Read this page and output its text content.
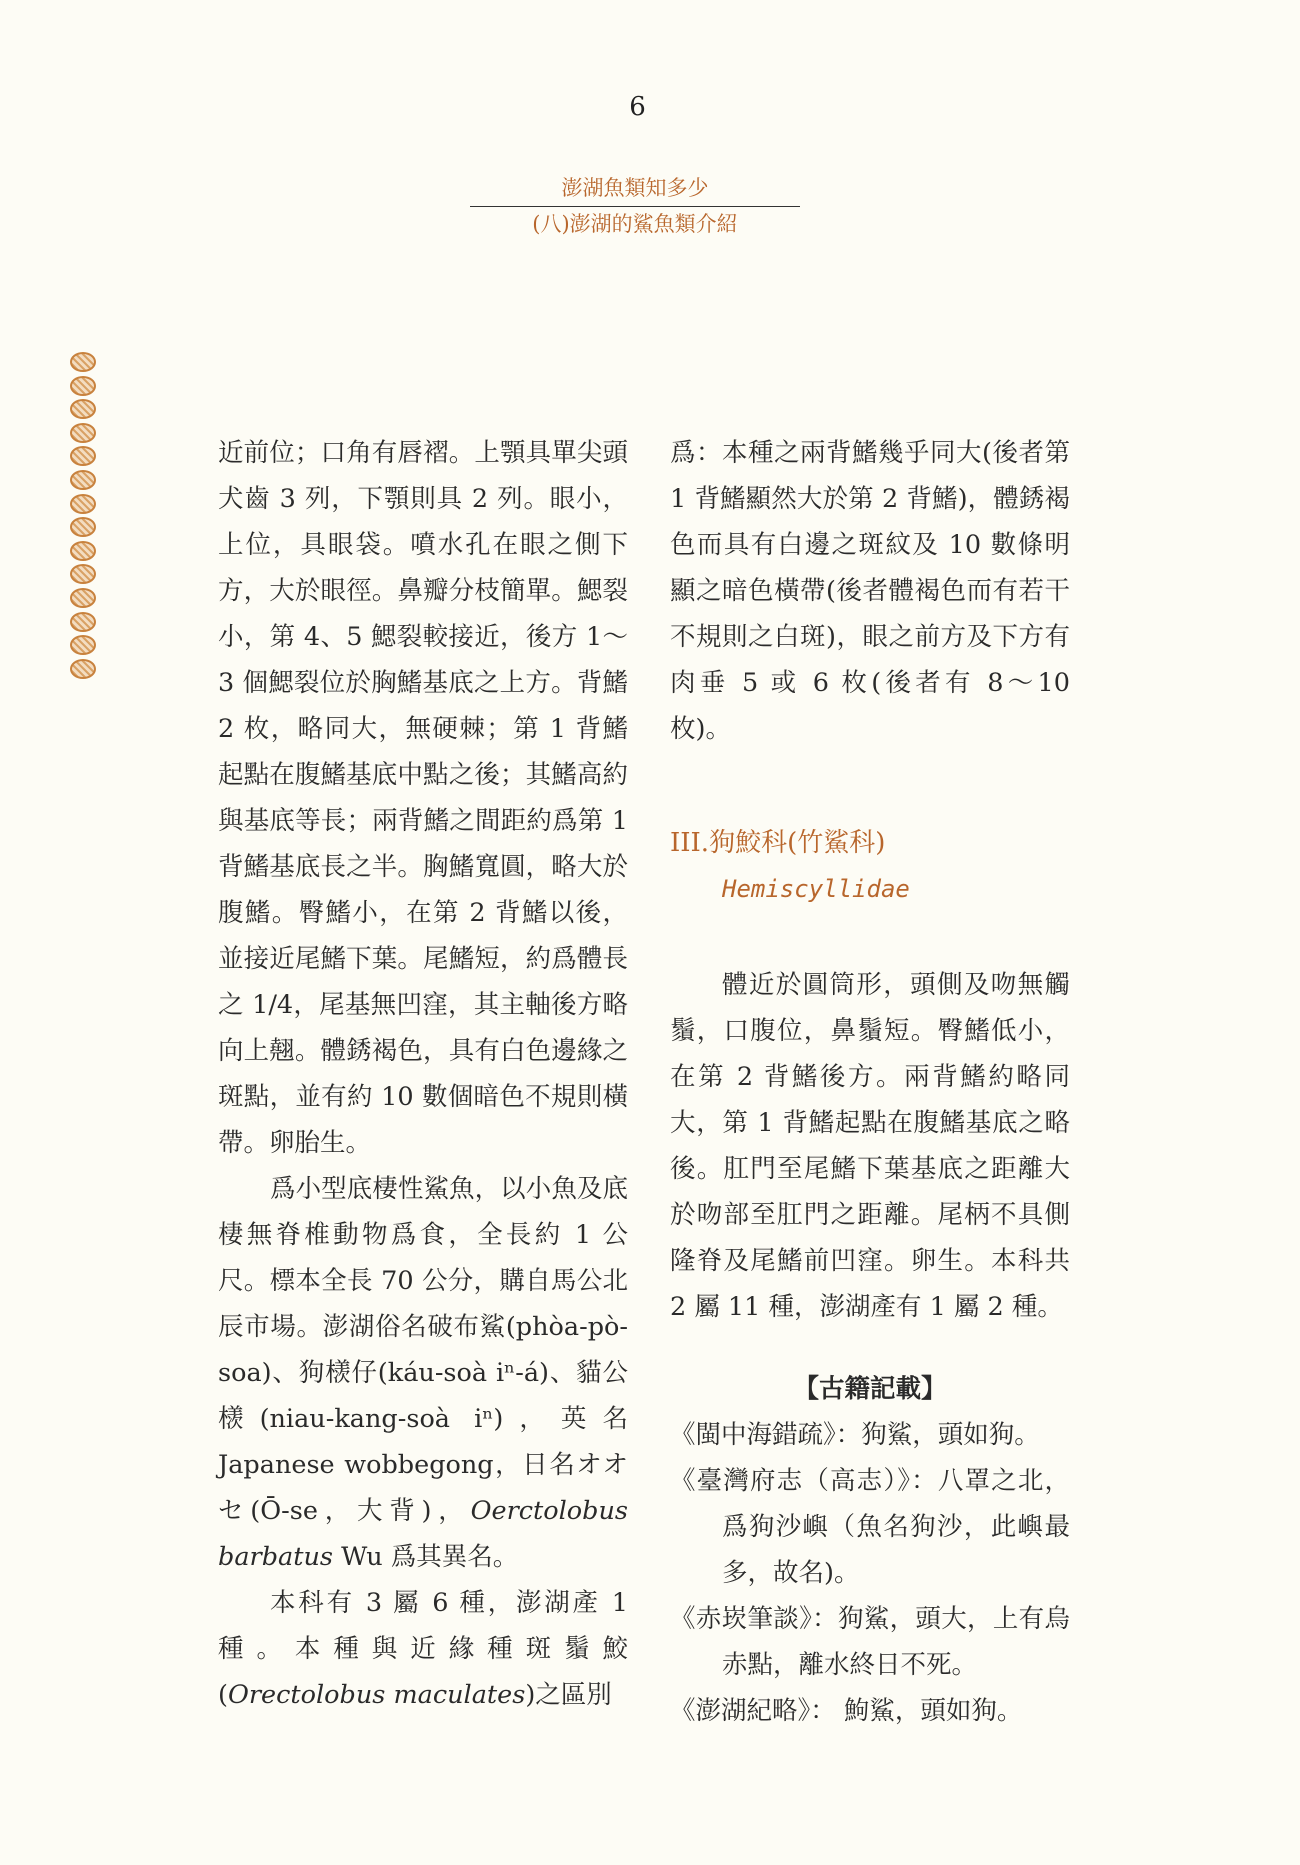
6
澎湖魚類知多少
(八)澎湖的鯊魚類介紹

近前位；口角有唇褶。上顎具單尖頭犬齒 3 列，下顎則具 2 列。眼小，上位，具眼袋。噴水孔在眼之側下方，大於眼徑。鼻瓣分枝簡單。鰓裂小，第 4、5 鰓裂較接近，後方 1～3 個鰓裂位於胸鰭基底之上方。背鰭 2 枚，略同大，無硬棘；第 1 背鰭起點在腹鰭基底中點之後；其鰭高約與基底等長；兩背鰭之間距約爲第 1 背鰭基底長之半。胸鰭寬圓，略大於腹鰭。臀鰭小，在第 2 背鰭以後，並接近尾鰭下葉。尾鰭短，約爲體長之 1/4，尾基無凹窪，其主軸後方略向上翹。體銹褐色，具有白色邊緣之斑點，並有約 10 數個暗色不規則橫帶。卵胎生。

爲小型底棲性鯊魚，以小魚及底棲無脊椎動物爲食，全長約 1 公尺。標本全長 70 公分，購自馬公北辰市場。澎湖俗名破布鯊(phòa-pò-soa)、狗檨仔(káu-soà iⁿ-á)、貓公檨(niau-kang-soà iⁿ)，英名 Japanese wobbegong，日名オオセ(Ō-se，大背)，Oerctolobus barbatus Wu 爲其異名。

本科有 3 屬 6 種，澎湖產 1 種。本種與近緣種斑鬚鮫(Orectolobus maculates)之區別

爲：本種之兩背鰭幾乎同大(後者第 1 背鰭顯然大於第 2 背鰭)，體銹褐色而具有白邊之斑紋及 10 數條明顯之暗色橫帶(後者體褐色而有若干不規則之白斑)，眼之前方及下方有肉垂 5 或 6 枚(後者有 8～10 枚)。

III.狗鮫科(竹鯊科)

Hemiscyllidae

體近於圓筒形，頭側及吻無觸鬚，口腹位，鼻鬚短。臀鰭低小，在第 2 背鰭後方。兩背鰭約略同大，第 1 背鰭起點在腹鰭基底之略後。肛門至尾鰭下葉基底之距離大於吻部至肛門之距離。尾柄不具側隆脊及尾鰭前凹窪。卵生。本科共 2 屬 11 種，澎湖產有 1 屬 2 種。

【古籍記載】

《閩中海錯疏》：狗鯊，頭如狗。

《臺灣府志（高志）》：八罩之北，爲狗沙嶼（魚名狗沙，此嶼最多，故名)。

《赤崁筆談》：狗鯊，頭大，上有烏赤點，離水終日不死。

《澎湖紀略》： 鮈鯊，頭如狗。
